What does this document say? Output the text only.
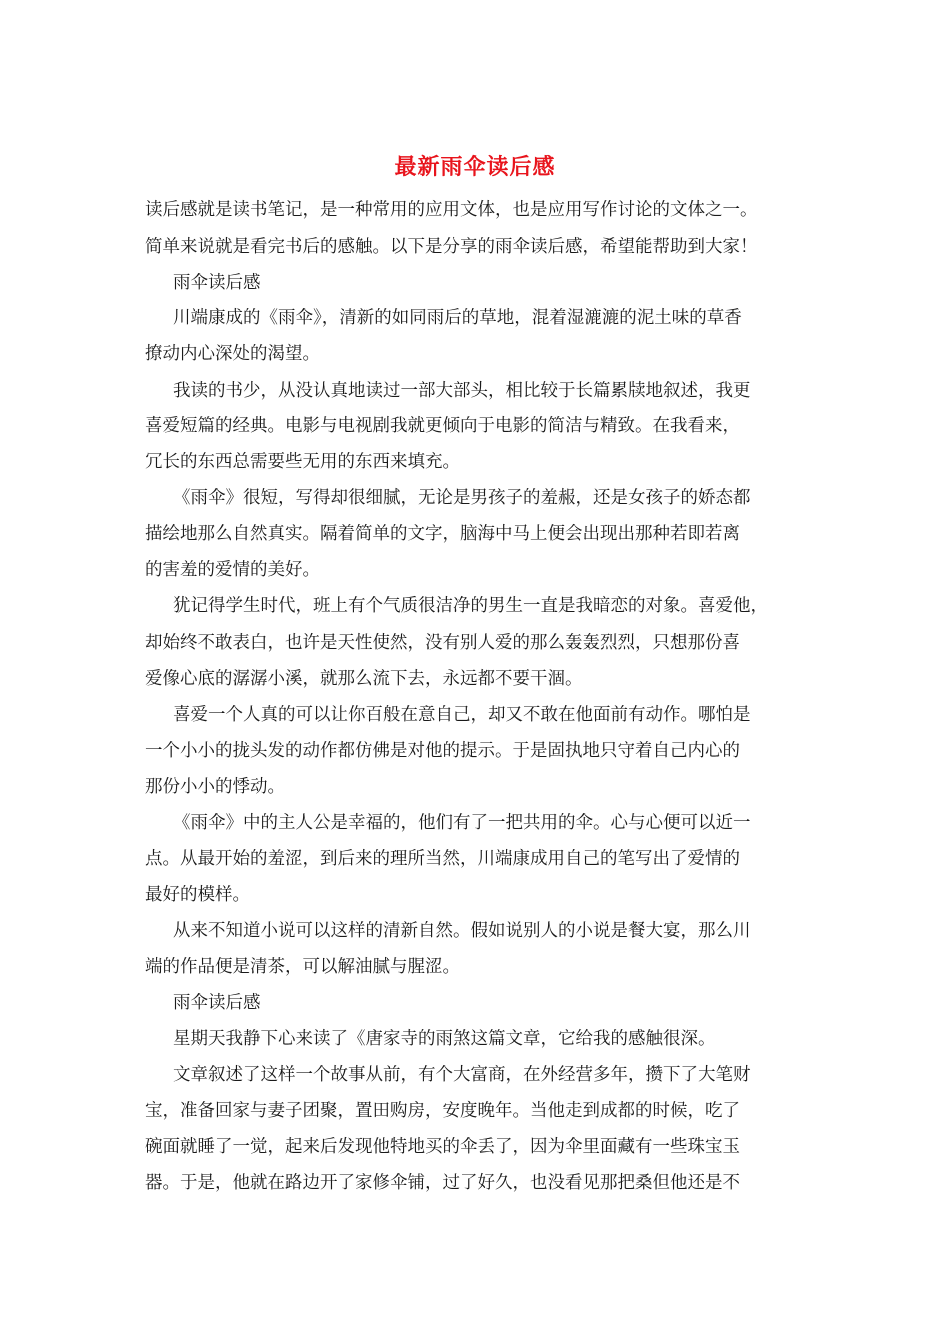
最新雨伞读后感
读后感就是读书笔记，是一种常用的应用文体，也是应用写作讨论的文体之一。
简单来说就是看完书后的感触。以下是分享的雨伞读后感，希望能帮助到大家！
雨伞读后感
川端康成的《雨伞》，清新的如同雨后的草地，混着湿漉漉的泥土味的草香
撩动内心深处的渴望。
我读的书少，从没认真地读过一部大部头，相比较于长篇累牍地叙述，我更
喜爱短篇的经典。电影与电视剧我就更倾向于电影的简洁与精致。在我看来，
冗长的东西总需要些无用的东西来填充。
《雨伞》很短，写得却很细腻，无论是男孩子的羞赧，还是女孩子的娇态都
描绘地那么自然真实。隔着简单的文字，脑海中马上便会出现出那种若即若离
的害羞的爱情的美好。
犹记得学生时代，班上有个气质很洁净的男生一直是我暗恋的对象。喜爱他，
却始终不敢表白，也许是天性使然，没有别人爱的那么轰轰烈烈，只想那份喜
爱像心底的潺潺小溪，就那么流下去，永远都不要干涸。
喜爱一个人真的可以让你百般在意自己，却又不敢在他面前有动作。哪怕是
一个小小的拢头发的动作都仿佛是对他的提示。于是固执地只守着自己内心的
那份小小的悸动。
《雨伞》中的主人公是幸福的，他们有了一把共用的伞。心与心便可以近一
点。从最开始的羞涩，到后来的理所当然，川端康成用自己的笔写出了爱情的
最好的模样。
从来不知道小说可以这样的清新自然。假如说别人的小说是餐大宴，那么川
端的作品便是清茶，可以解油腻与腥涩。
雨伞读后感
星期天我静下心来读了《唐家寺的雨煞这篇文章，它给我的感触很深。
文章叙述了这样一个故事从前，有个大富商，在外经营多年，攒下了大笔财
宝，准备回家与妻子团聚，置田购房，安度晚年。当他走到成都的时候，吃了
碗面就睡了一觉，起来后发现他特地买的伞丢了，因为伞里面藏有一些珠宝玉
器。于是，他就在路边开了家修伞铺，过了好久，也没看见那把桑但他还是不
